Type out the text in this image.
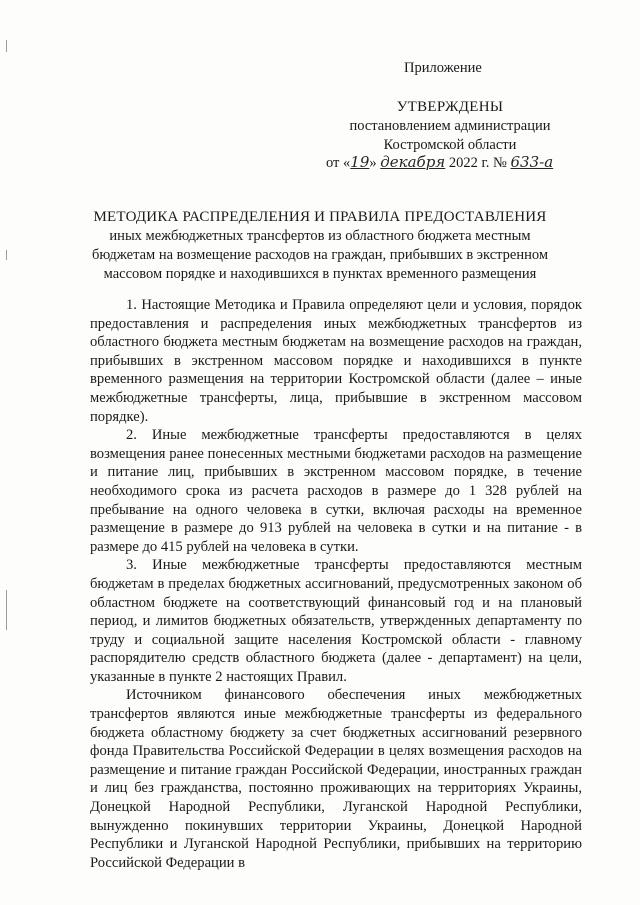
Приложение
УТВЕРЖДЕНЫ
постановлением администрации
Костромской области
от «19» декабря 2022 г. № 633-а
МЕТОДИКА РАСПРЕДЕЛЕНИЯ И ПРАВИЛА ПРЕДОСТАВЛЕНИЯ
иных межбюджетных трансфертов из областного бюджета местным
бюджетам на возмещение расходов на граждан, прибывших в экстренном
массовом порядке и находившихся в пунктах временного размещения

1. Настоящие Методика и Правила определяют цели и условия, порядок предоставления и распределения иных межбюджетных трансфертов из областного бюджета местным бюджетам на возмещение расходов на граждан, прибывших в экстренном массовом порядке и находившихся в пункте временного размещения на территории Костромской области (далее – иные межбюджетные трансферты, лица, прибывшие в экстренном массовом порядке).

2. Иные межбюджетные трансферты предоставляются в целях возмещения ранее понесенных местными бюджетами расходов на размещение и питание лиц, прибывших в экстренном массовом порядке, в течение необходимого срока из расчета расходов в размере до 1 328 рублей на пребывание на одного человека в сутки, включая расходы на временное размещение в размере до 913 рублей на человека в сутки и на питание - в размере до 415 рублей на человека в сутки.

3. Иные межбюджетные трансферты предоставляются местным бюджетам в пределах бюджетных ассигнований, предусмотренных законом об областном бюджете на соответствующий финансовый год и на плановый период, и лимитов бюджетных обязательств, утвержденных департаменту по труду и социальной защите населения Костромской области - главному распорядителю средств областного бюджета (далее - департамент) на цели, указанные в пункте 2 настоящих Правил.

Источником финансового обеспечения иных межбюджетных трансфертов являются иные межбюджетные трансферты из федерального бюджета областному бюджету за счет бюджетных ассигнований резервного фонда Правительства Российской Федерации в целях возмещения расходов на размещение и питание граждан Российской Федерации, иностранных граждан и лиц без гражданства, постоянно проживающих на территориях Украины, Донецкой Народной Республики, Луганской Народной Республики, вынужденно покинувших территории Украины, Донецкой Народной Республики и Луганской Народной Республики, прибывших на территорию Российской Федерации в
